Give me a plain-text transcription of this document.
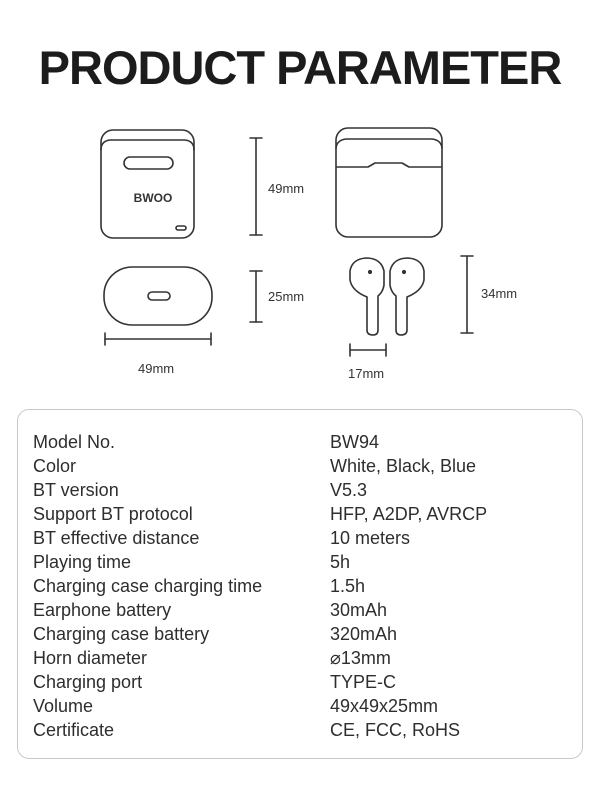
PRODUCT PARAMETER
BWOO
49mm
25mm
49mm
34mm
17mm
Model No.	BW94
Color	White, Black, Blue
BT version	V5.3
Support BT protocol	HFP, A2DP, AVRCP
BT effective distance	10 meters
Playing time	5h
Charging case charging time	1.5h
Earphone battery	30mAh
Charging case battery	320mAh
Horn diameter	⌀13mm
Charging port	TYPE-C
Volume	49x49x25mm
Certificate	CE, FCC, RoHS
